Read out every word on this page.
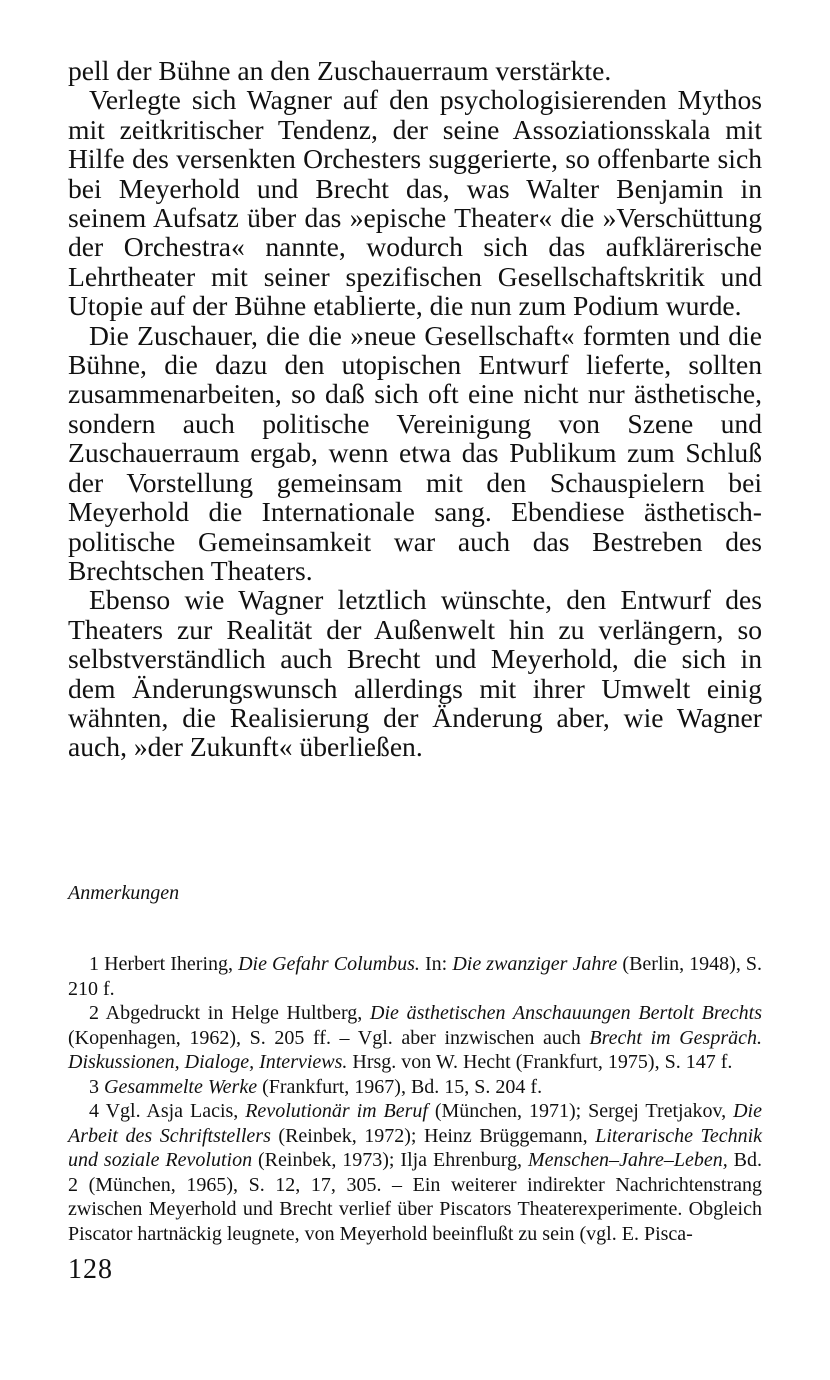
pell der Bühne an den Zuschauerraum verstärkte.

Verlegte sich Wagner auf den psychologisierenden Mythos mit zeitkritischer Tendenz, der seine Assoziationsskala mit Hilfe des versenkten Orchesters suggerierte, so offenbarte sich bei Meyerhold und Brecht das, was Walter Benjamin in seinem Aufsatz über das »epische Theater« die »Verschüttung der Orchestra« nannte, wodurch sich das aufklärerische Lehrtheater mit seiner spezifischen Gesellschaftskritik und Utopie auf der Bühne etablierte, die nun zum Podium wurde.

Die Zuschauer, die die »neue Gesellschaft« formten und die Bühne, die dazu den utopischen Entwurf lieferte, sollten zusammenarbeiten, so daß sich oft eine nicht nur ästhetische, sondern auch politische Vereinigung von Szene und Zuschauerraum ergab, wenn etwa das Publikum zum Schluß der Vorstellung gemeinsam mit den Schauspielern bei Meyerhold die Internationale sang. Ebendiese ästhetisch-politische Gemeinsamkeit war auch das Bestreben des Brechtschen Theaters.

Ebenso wie Wagner letztlich wünschte, den Entwurf des Theaters zur Realität der Außenwelt hin zu verlängern, so selbstverständlich auch Brecht und Meyerhold, die sich in dem Änderungswunsch allerdings mit ihrer Umwelt einig wähnten, die Realisierung der Änderung aber, wie Wagner auch, »der Zukunft« überließen.

Anmerkungen

1 Herbert Ihering, Die Gefahr Columbus. In: Die zwanziger Jahre (Berlin, 1948), S. 210 f.

2 Abgedruckt in Helge Hultberg, Die ästhetischen Anschauungen Bertolt Brechts (Kopenhagen, 1962), S. 205 ff. – Vgl. aber inzwischen auch Brecht im Gespräch. Diskussionen, Dialoge, Interviews. Hrsg. von W. Hecht (Frankfurt, 1975), S. 147 f.

3 Gesammelte Werke (Frankfurt, 1967), Bd. 15, S. 204 f.

4 Vgl. Asja Lacis, Revolutionär im Beruf (München, 1971); Sergej Tretjakov, Die Arbeit des Schriftstellers (Reinbek, 1972); Heinz Brüggemann, Literarische Technik und soziale Revolution (Reinbek, 1973); Ilja Ehrenburg, Menschen–Jahre–Leben, Bd. 2 (München, 1965), S. 12, 17, 305. – Ein weiterer indirekter Nachrichtenstrang zwischen Meyerhold und Brecht verlief über Piscators Theaterexperimente. Obgleich Piscator hartnäckig leugnete, von Meyerhold beeinflußt zu sein (vgl. E. Pisca-

128
